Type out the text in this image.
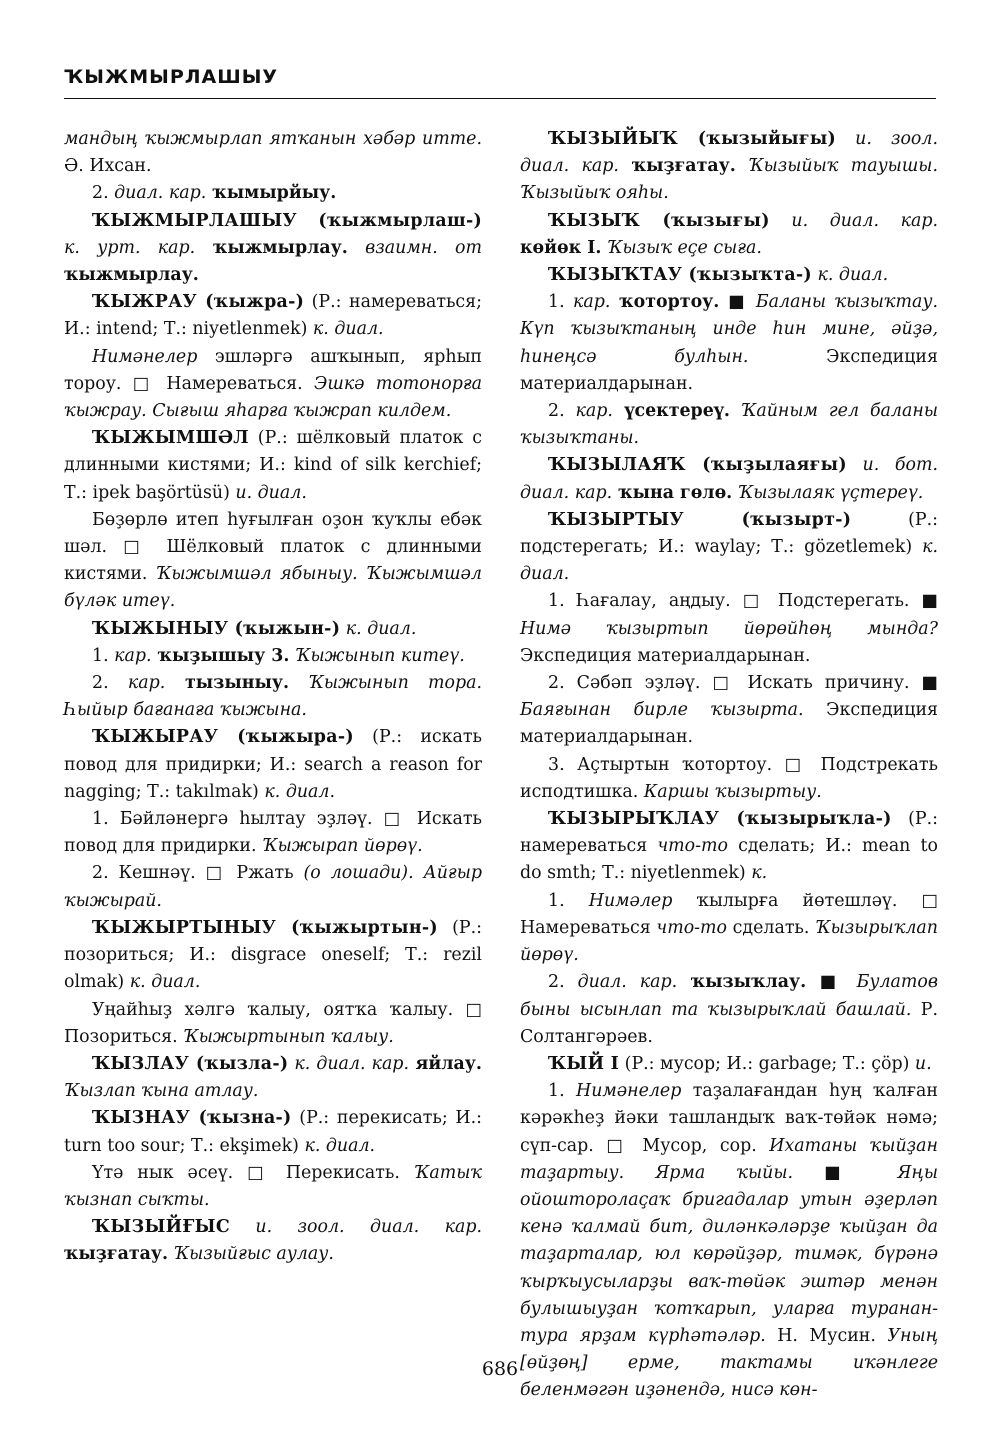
ҠЫЖМЫРЛАШЫУ

мандың ҡыжмырлап ятҡанын хәбәр итте. Ә. Ихсан.

2. диал. кар. ҡымырйыу.

ҠЫЖМЫРЛАШЫУ (ҡыжмырлаш-) к. урт. кар. ҡыжмырлау. взаимн. от ҡыжмырлау.

ҠЫЖРАУ (ҡыжра-) (Р.: намереваться; И.: intend; Т.: niyetlenmek) к. диал.

Нимәнелер эшләргә ашҡынып, ярһып тороу. □ Намереваться. Эшкә тотонорға ҡыжрау. Сығыш яһарға ҡыжрап килдем.

ҠЫЖЫМШӘЛ (Р.: шёлковый платок с длинными кистями; И.: kind of silk kerchief; Т.: ipek başörtüsü) и. диал.

Бөҙөрлө итеп һуғылған оҙон ҡуҡлы ебәк шәл. □ Шёлковый платок с длинными кистями. Ҡыжымшәл ябыныу. Ҡыжымшәл бүләк итеү.

ҠЫЖЫНЫУ (ҡыжын-) к. диал.

1. кар. ҡыҙышыу 3. Ҡыжынып китеү.

2. кар. тызыныу. Ҡыжынып тора. Һыйыр бағанаға ҡыжына.

ҠЫЖЫРАУ (ҡыжыра-) (Р.: искать повод для придирки; И.: search a reason for nagging; Т.: takılmak) к. диал.

1. Бәйләнергә һылтау эҙләү. □ Искать повод для придирки. Ҡыжырап йөрөү.

2. Кешнәү. □ Ржать (о лошади). Айғыр ҡыжырай.

ҠЫЖЫРТЫНЫУ (ҡыжыртын-) (Р.: позориться; И.: disgrace oneself; Т.: rezil olmak) к. диал.

Уңайһыҙ хәлгә ҡалыу, оятҡа ҡалыу. □ Позориться. Ҡыжыртынып ҡалыу.

ҠЫЗЛАУ (ҡызла-) к. диал. кар. яйлау. Ҡызлап ҡына атлау.

ҠЫЗНАУ (ҡызна-) (Р.: перекисать; И.: turn too sour; Т.: ekşimek) к. диал.

Үтә нык әсеү. □ Перекисать. Ҡатыҡ ҡызнап сыҡты.

ҠЫЗЫЙҒЫС и. зоол. диал. кар. ҡыҙғатау. Ҡызыйғыс аулау.

ҠЫЗЫЙЫҠ (ҡызыйығы) и. зоол. диал. кар. ҡыҙғатау. Ҡызыйыҡ тауышы. Ҡызыйыҡ ояһы.

ҠЫЗЫҠ (ҡызығы) и. диал. кар. көйөк I. Ҡызыҡ еҫе сыға.

ҠЫЗЫҠТАУ (ҡызыҡта-) к. диал.

1. кар. ҡотортоу. ■ Баланы ҡызыҡтау. Күп ҡызыҡтаның инде һин мине, әйҙә, һинеңсә булһын. Экспедиция материалдарынан.

2. кар. үсектереү. Ҡайным гел баланы ҡызыҡтаны.

ҠЫЗЫЛАЯҠ (ҡыҙылаяғы) и. бот. диал. кар. ҡына гөлө. Ҡызылаяк үҫтереү.

ҠЫЗЫРТЫУ (ҡызырт-) (Р.: подстерегать; И.: waylay; Т.: gözetlemek) к. диал.

1. Һағалау, аңдыу. □ Подстерегать. ■ Нимә ҡызыртып йөрөйһөң мында? Экспедиция материалдарынан.

2. Сәбәп эҙләү. □ Искать причину. ■ Баяғынан бирле ҡызырта. Экспедиция материалдарынан.

3. Аҫтыртын ҡотортоу. □ Подстрекать исподтишка. Каршы ҡызыртыу.

ҠЫЗЫРЫҠЛАУ (ҡызырыҡла-) (Р.: намереваться что-то сделать; И.: mean to do smth; Т.: niyetlenmek) к.

1. Нимәлер ҡылырға йөтешләү. □ Намереваться что-то сделать. Ҡызырыҡлап йөрөү.

2. диал. кар. ҡызыҡлау. ■ Булатов быны ысынлап та ҡызырыҡлай башлай. Р. Солтангәрәев.

ҠЫЙ I (Р.: мусор; И.: garbage; Т.: çöp) и.

1. Нимәнелер таҙалағандан һуң ҡалған кәрәкһеҙ йәки ташландыҡ ваҡ-төйәк нәмә; сүп-сар. □ Мусор, сор. Ихатаны ҡыйҙан таҙартыу. Ярма ҡыйы. ■ Яңы ойошторолаҫаҡ бригадалар утын әҙерләп кенә ҡалмай бит, диләнкәләрҙе ҡыйҙан да таҙарталар, юл көрәйҙәр, тимәк, бүрәнә ҡырҡыусыларҙы ваҡ-төйәк эштәр менән булышыуҙан ҡотҡарып, уларға туранан-тура ярҙам күрһәтәләр. Н. Мусин. Уның [өйҙөң] ерме, тактамы иҡәнлеге беленмәгән иҙәнендә, нисә көн-

686
